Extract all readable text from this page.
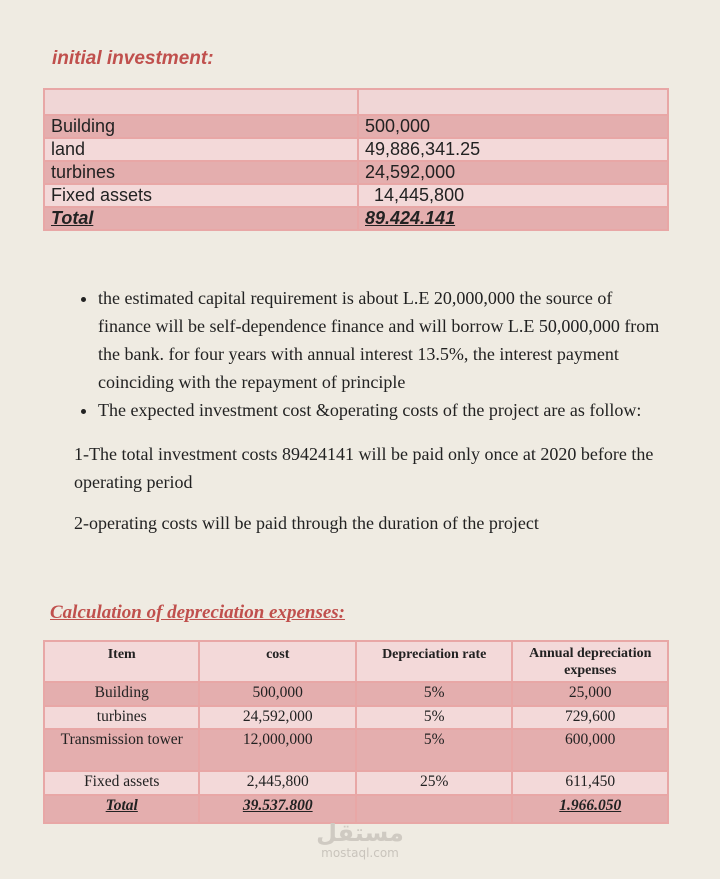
initial investment:

Building	500,000
land	49,886,341.25
turbines	24,592,000
Fixed assets	14,445,800
Total	89.424.141
• the estimated capital requirement is about L.E 20,000,000 the source of finance will be self-dependence finance and will borrow L.E 50,000,000 from the bank. for four years with annual interest 13.5%, the interest payment coinciding with the repayment of principle
• The expected investment cost &operating costs of the project are as follow:

1-The total investment costs 89424141 will be paid only once at 2020 before the operating period

2-operating costs will be paid through the duration of the project

Calculation of depreciation expenses:
Item	cost	Depreciation rate	Annual depreciation expenses
Building	500,000	5%	25,000
turbines	24,592,000	5%	729,600
Transmission tower	12,000,000	5%	600,000
Fixed assets	2,445,800	25%	611,450
Total	39.537.800		1.966.050
مستقل
mostaql.com
